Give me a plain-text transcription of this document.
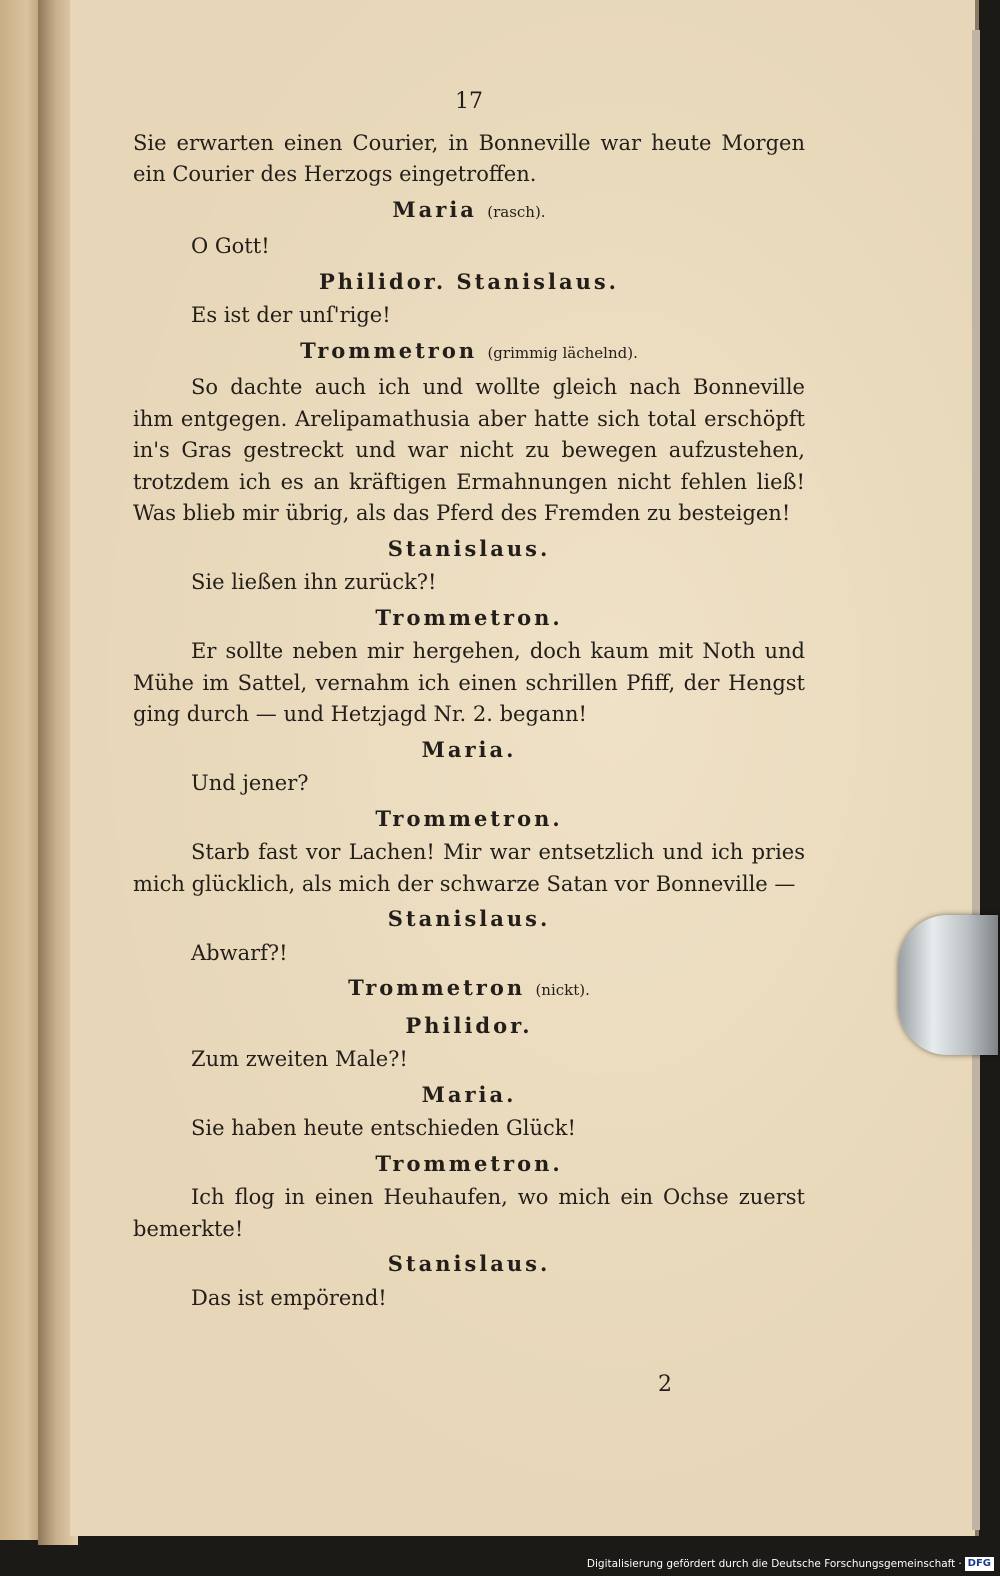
17
Sie erwarten einen Courier, in Bonneville war heute Morgen ein Courier des Herzogs eingetroffen.
Maria (rasch).
O Gott!
Philidor. Stanislaus.
Es ist der unſ'rige!
Trommetron (grimmig lächelnd).
So dachte auch ich und wollte gleich nach Bonneville ihm entgegen. Arelipamathusia aber hatte sich total erschöpft in's Gras gestreckt und war nicht zu bewegen aufzustehen, trotzdem ich es an kräftigen Ermahnungen nicht fehlen ließ! Was blieb mir übrig, als das Pferd des Fremden zu besteigen!
Stanislaus.
Sie ließen ihn zurück?!
Trommetron.
Er sollte neben mir hergehen, doch kaum mit Noth und Mühe im Sattel, vernahm ich einen schrillen Pfiff, der Hengst ging durch — und Hetzjagd Nr. 2. begann!
Maria.
Und jener?
Trommetron.
Starb fast vor Lachen! Mir war entsetzlich und ich pries mich glücklich, als mich der schwarze Satan vor Bonneville —
Stanislaus.
Abwarf?!
Trommetron (nickt).
Philidor.
Zum zweiten Male?!
Maria.
Sie haben heute entschieden Glück!
Trommetron.
Ich flog in einen Heuhaufen, wo mich ein Ochse zuerst bemerkte!
Stanislaus.
Das ist empörend!
2
Digitalisierung gefördert durch die Deutsche Forschungsgemeinschaft · DFG
